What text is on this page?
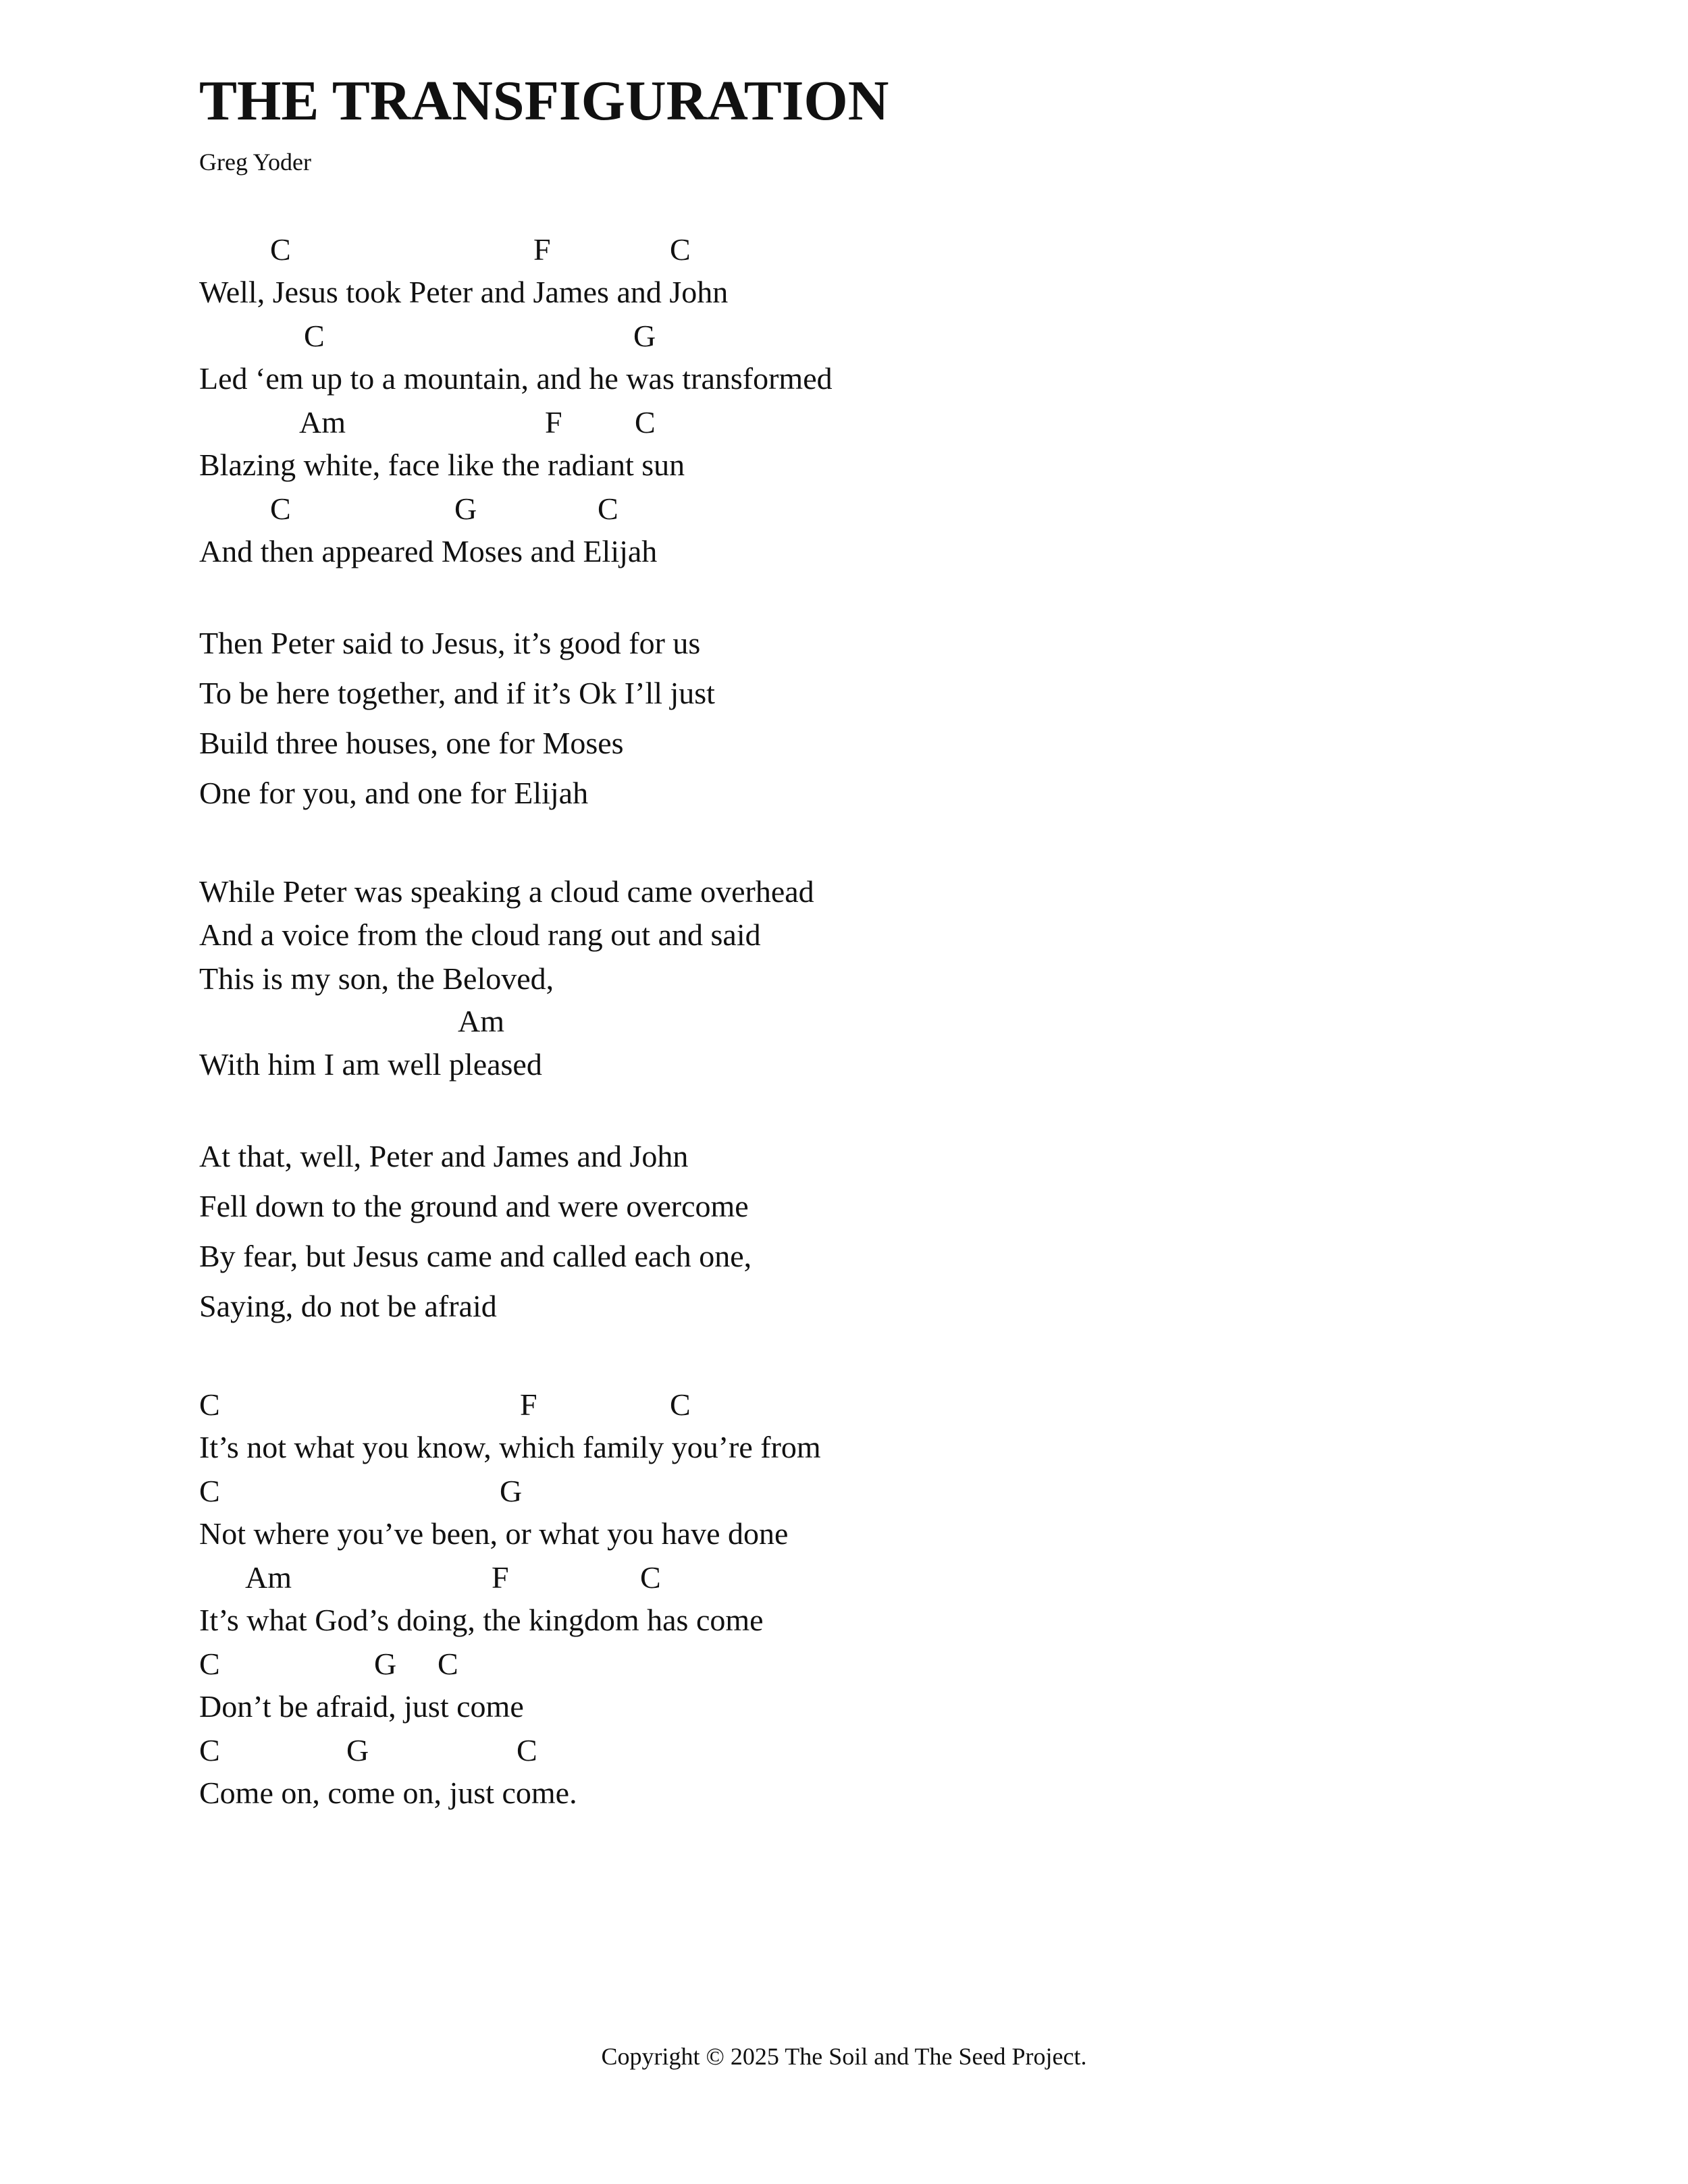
THE TRANSFIGURATION
Greg Yoder
C	F	C
Well, Jesus took Peter and James and John
C	G
Led ‘em up to a mountain, and he was transformed
Am	F C
Blazing white, face like the radiant sun
C	G	C
And then appeared Moses and Elijah
Then Peter said to Jesus, it’s good for us
To be here together, and if it’s Ok I’ll just
Build three houses, one for Moses
One for you, and one for Elijah
While Peter was speaking a cloud came overhead
And a voice from the cloud rang out and said
This is my son, the Beloved,
Am
With him I am well pleased
At that, well, Peter and James and John
Fell down to the ground and were overcome
By fear, but Jesus came and called each one,
Saying, do not be afraid
C	F	C
It’s not what you know, which family you’re from
C	G
Not where you’ve been, or what you have done
Am	F	C
It’s what God’s doing, the kingdom has come
C	G C
Don’t be afraid, just come
C	G	C
Come on, come on, just come.
Copyright © 2025 The Soil and The Seed Project.
